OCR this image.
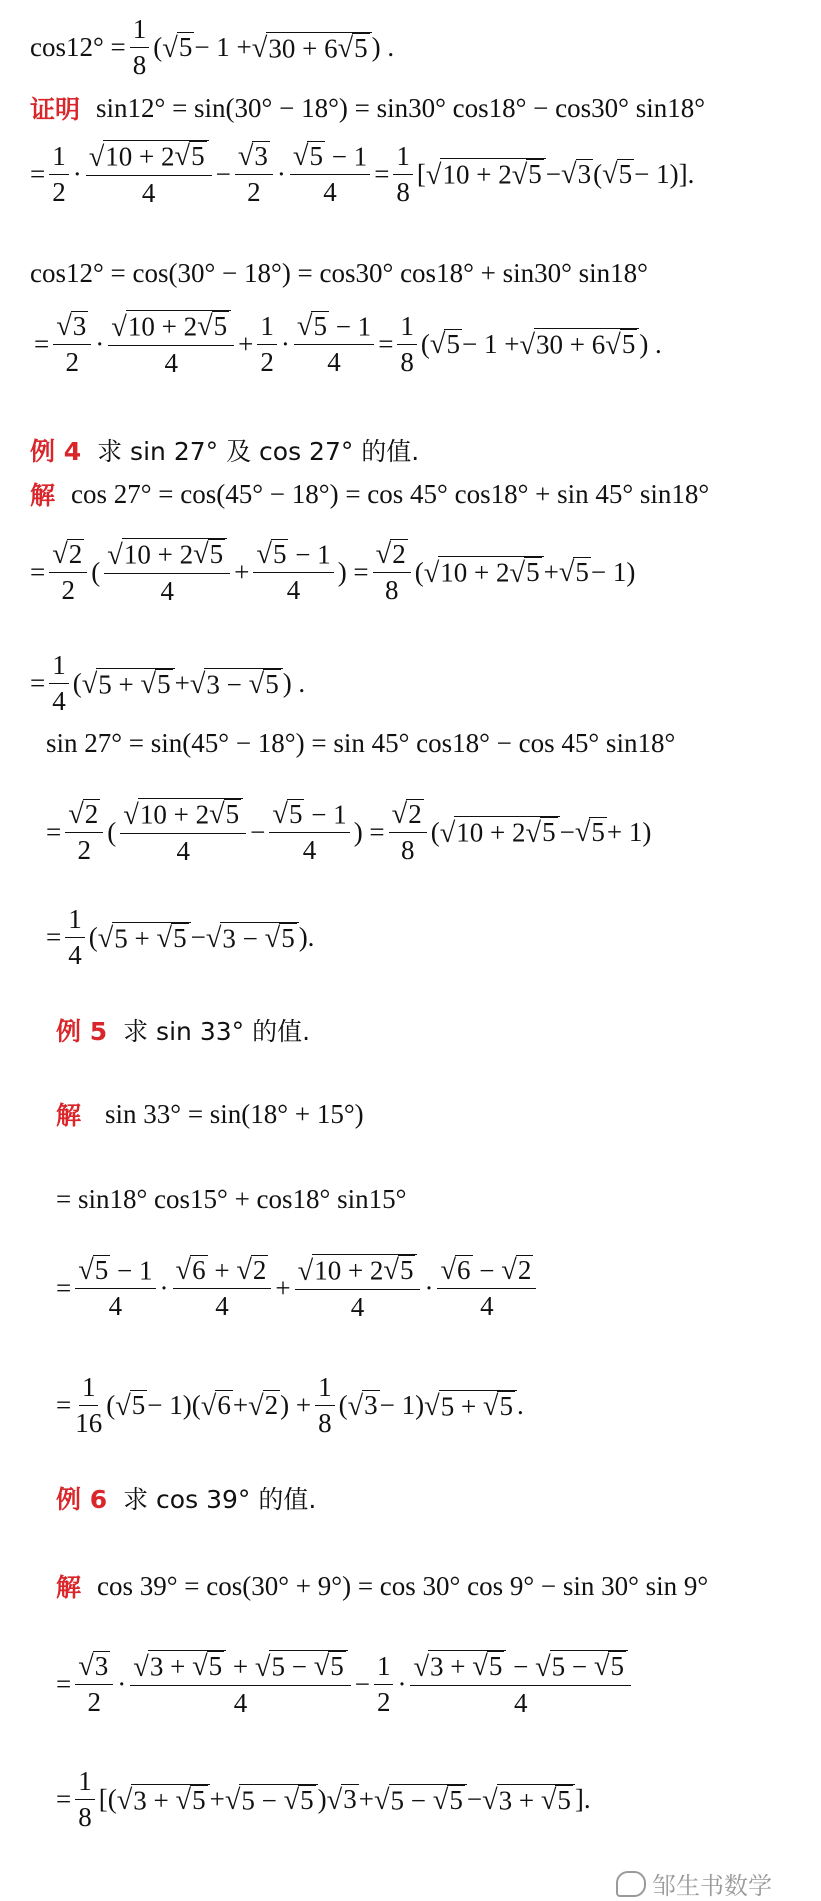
$\cos 12^\circ = \frac{1}{8}$ ( √ 5 − 1 + √ 30 + 6 √ 5 ) .
证明 sin12° = sin(30° − 18°) = sin30° cos18° − cos30° sin18°
= $\frac{1}{2} \cdot \frac{√ 10 + 2 √ 5}{4} - \frac{√ 3}{2} \cdot \frac{√ 5 - 1}{4} = \frac{1}{8}$ [ √ 10 + 2 √ 5 − √ 3 ( √ 5 − 1)].
cos12° = cos(30° − 18°) = cos30° cos18° + sin30° sin18°
= $\frac{√ 3}{2} \cdot \frac{√ 10 + 2 √ 5}{4} + \frac{1}{2} \cdot \frac{√ 5 - 1}{4} = \frac{1}{8}$ ( √ 5 − 1 + √ 30 + 6 √ 5 ) .
例 4 求 sin 27° 及 cos 27° 的值.
解 cos 27° = cos(45° − 18°) = cos 45° cos18° + sin 45° sin18°
= $\frac{√ 2}{2}$ ( $\frac{√ 10 + 2 √ 5}{4} + \frac{√ 5 - 1}{4}$ ) = $\frac{√ 2}{8}$ ( √ 10 + 2 √ 5 + √ 5 − 1)
= $\frac{1}{4}$ ( √ 5 + √ 5 + √ 3 − √ 5 ) .
sin 27° = sin(45° − 18°) = sin 45° cos18° − cos 45° sin18°
= $\frac{√ 2}{2}$ ( $\frac{√ 10 + 2 √ 5}{4} - \frac{√ 5 - 1}{4}$ ) = $\frac{√ 2}{8}$ ( √ 10 + 2 √ 5 − √ 5 + 1)
= $\frac{1}{4}$ ( √ 5 + √ 5 − √ 3 − √ 5 ).
例 5 求 sin 33° 的值.
解 sin 33° = sin(18° + 15°)
= sin18° cos15° + cos18° sin15°
= $\frac{√ 5 - 1}{4} \cdot \frac{√ 6 + √ 2}{4} + \frac{√ 10 + 2 √ 5}{4} \cdot \frac{√ 6 - √ 2}{4}$
= $\frac{1}{16}$ ( √ 5 − 1)( √ 6 + √ 2 ) + $\frac{1}{8}$ ( √ 3 − 1) √ 5 + √ 5 .
例 6 求 cos 39° 的值.
解 cos 39° = cos(30° + 9°) = cos 30° cos 9° − sin 30° sin 9°
= $\frac{√ 3}{2} \cdot \frac{√ 3 + √ 5 + √ 5 - √ 5}{4} - \frac{1}{2} \cdot \frac{√ 3 + √ 5 - √ 5 - √ 5}{4}$
= $\frac{1}{8}$ [( √ 3 + √ 5 + √ 5 − √ 5 ) √ 3 + √ 5 − √ 5 − √ 3 + √ 5 ].
邹生书数学
